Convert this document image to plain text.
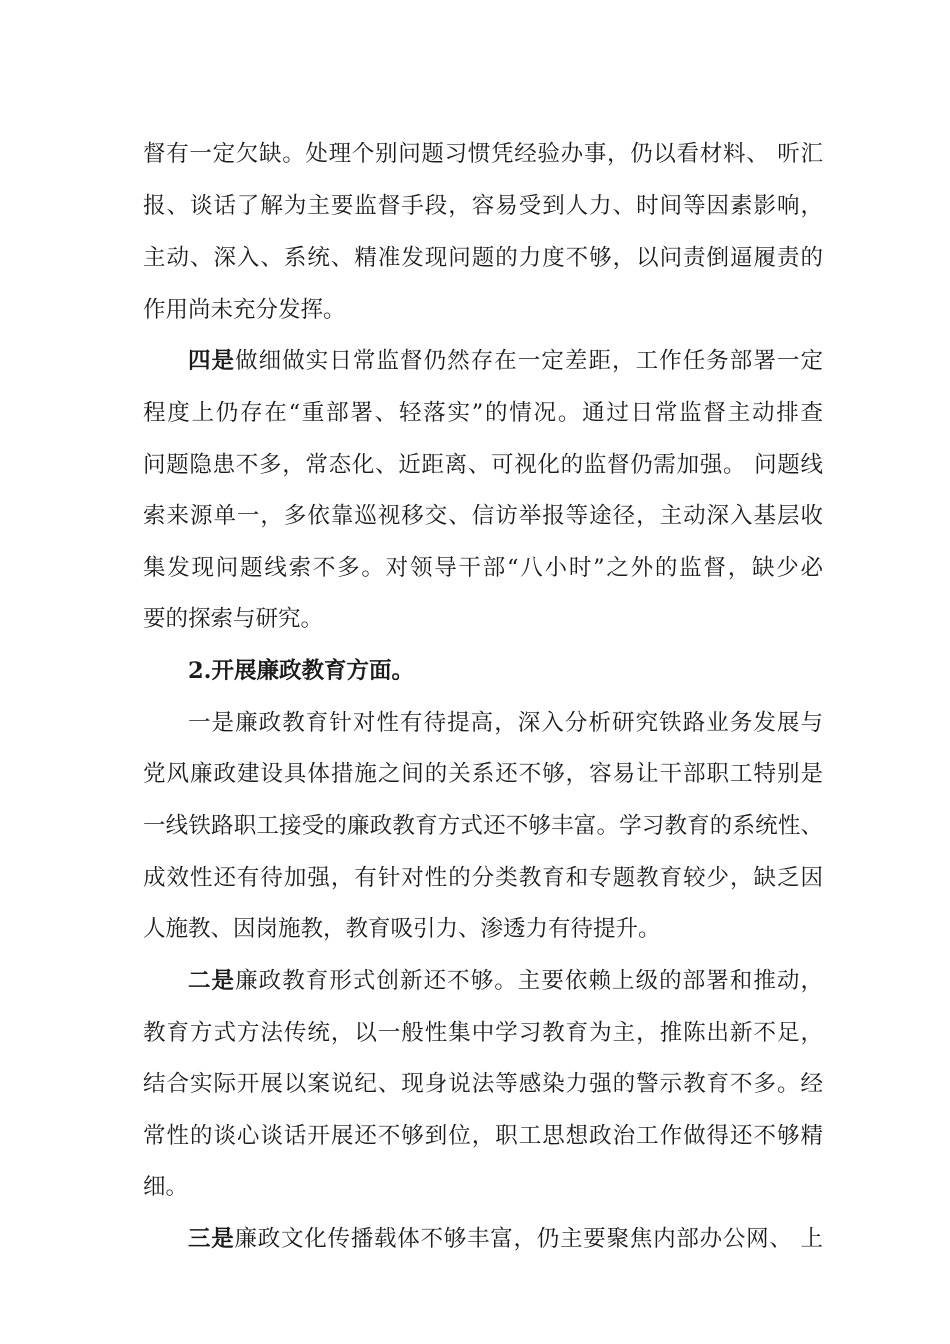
督有一定欠缺。处理个别问题习惯凭经验办事，仍以看材料、 听汇
报、谈话了解为主要监督手段，容易受到人力、时间等因素影响，
主动、深入、系统、精准发现问题的力度不够，以问责倒逼履责的
作用尚未充分发挥。
四是做细做实日常监督仍然存在一定差距，工作任务部署一定
程度上仍存在“重部署、轻落实”的情况。通过日常监督主动排查
问题隐患不多，常态化、近距离、可视化的监督仍需加强。 问题线
索来源单一，多依靠巡视移交、信访举报等途径，主动深入基层收
集发现问题线索不多。对领导干部“八小时”之外的监督，缺少必
要的探索与研究。
2.开展廉政教育方面。
一是廉政教育针对性有待提高，深入分析研究铁路业务发展与
党风廉政建设具体措施之间的关系还不够，容易让干部职工特别是
一线铁路职工接受的廉政教育方式还不够丰富。学习教育的系统性、
成效性还有待加强，有针对性的分类教育和专题教育较少，缺乏因
人施教、因岗施教，教育吸引力、渗透力有待提升。
二是廉政教育形式创新还不够。主要依赖上级的部署和推动，
教育方式方法传统，以一般性集中学习教育为主，推陈出新不足，
结合实际开展以案说纪、现身说法等感染力强的警示教育不多。经
常性的谈心谈话开展还不够到位，职工思想政治工作做得还不够精
细。
三是廉政文化传播载体不够丰富，仍主要聚焦内部办公网、 上
